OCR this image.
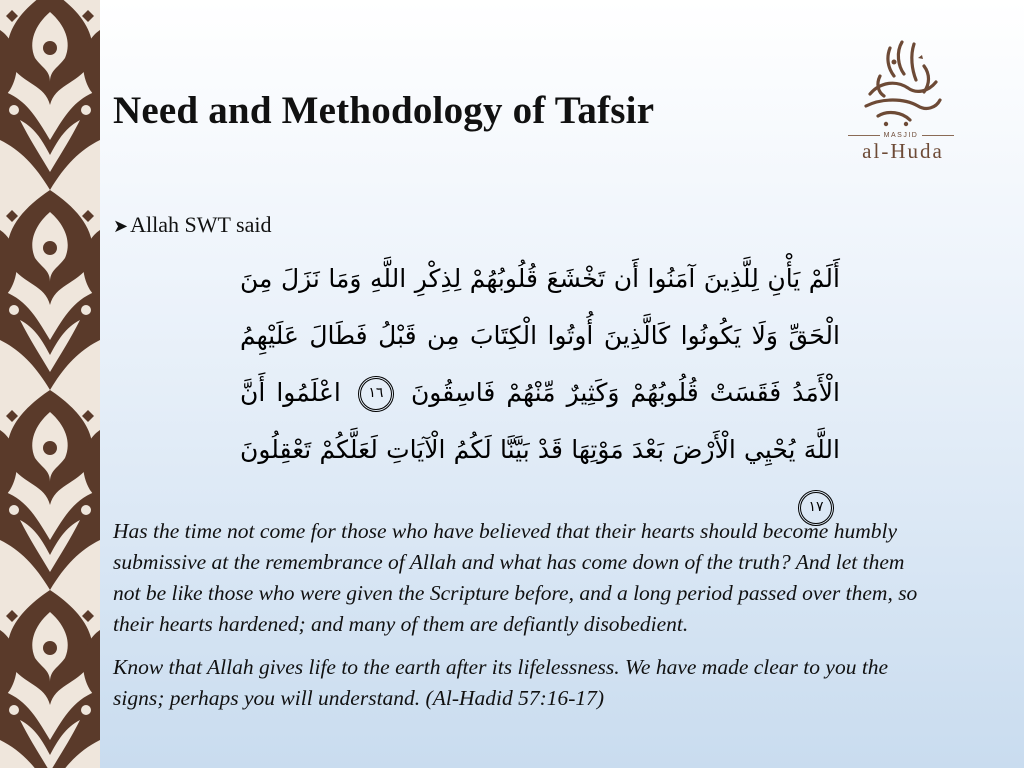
Need and Methodology of Tafsir
MASJID
al-Huda
➤Allah SWT said
أَلَمْ يَأْنِ لِلَّذِينَ آمَنُوا أَن تَخْشَعَ قُلُوبُهُمْ لِذِكْرِ اللَّهِ وَمَا نَزَلَ مِنَ الْحَقِّ وَلَا يَكُونُوا كَالَّذِينَ أُوتُوا الْكِتَابَ مِن قَبْلُ فَطَالَ عَلَيْهِمُ الْأَمَدُ فَقَسَتْ قُلُوبُهُمْ وَكَثِيرٌ مِّنْهُمْ فَاسِقُونَ ١٦ اعْلَمُوا أَنَّ اللَّهَ يُحْيِي الْأَرْضَ بَعْدَ مَوْتِهَا قَدْ بَيَّنَّا لَكُمُ الْآيَاتِ لَعَلَّكُمْ تَعْقِلُونَ ١٧

Has the time not come for those who have believed that their hearts should become humbly submissive at the remembrance of Allah and what has come down of the truth? And let them not be like those who were given the Scripture before, and a long period passed over them, so their hearts hardened; and many of them are defiantly disobedient.

Know that Allah gives life to the earth after its lifelessness. We have made clear to you the signs; perhaps you will understand. (Al-Hadid 57:16-17)
